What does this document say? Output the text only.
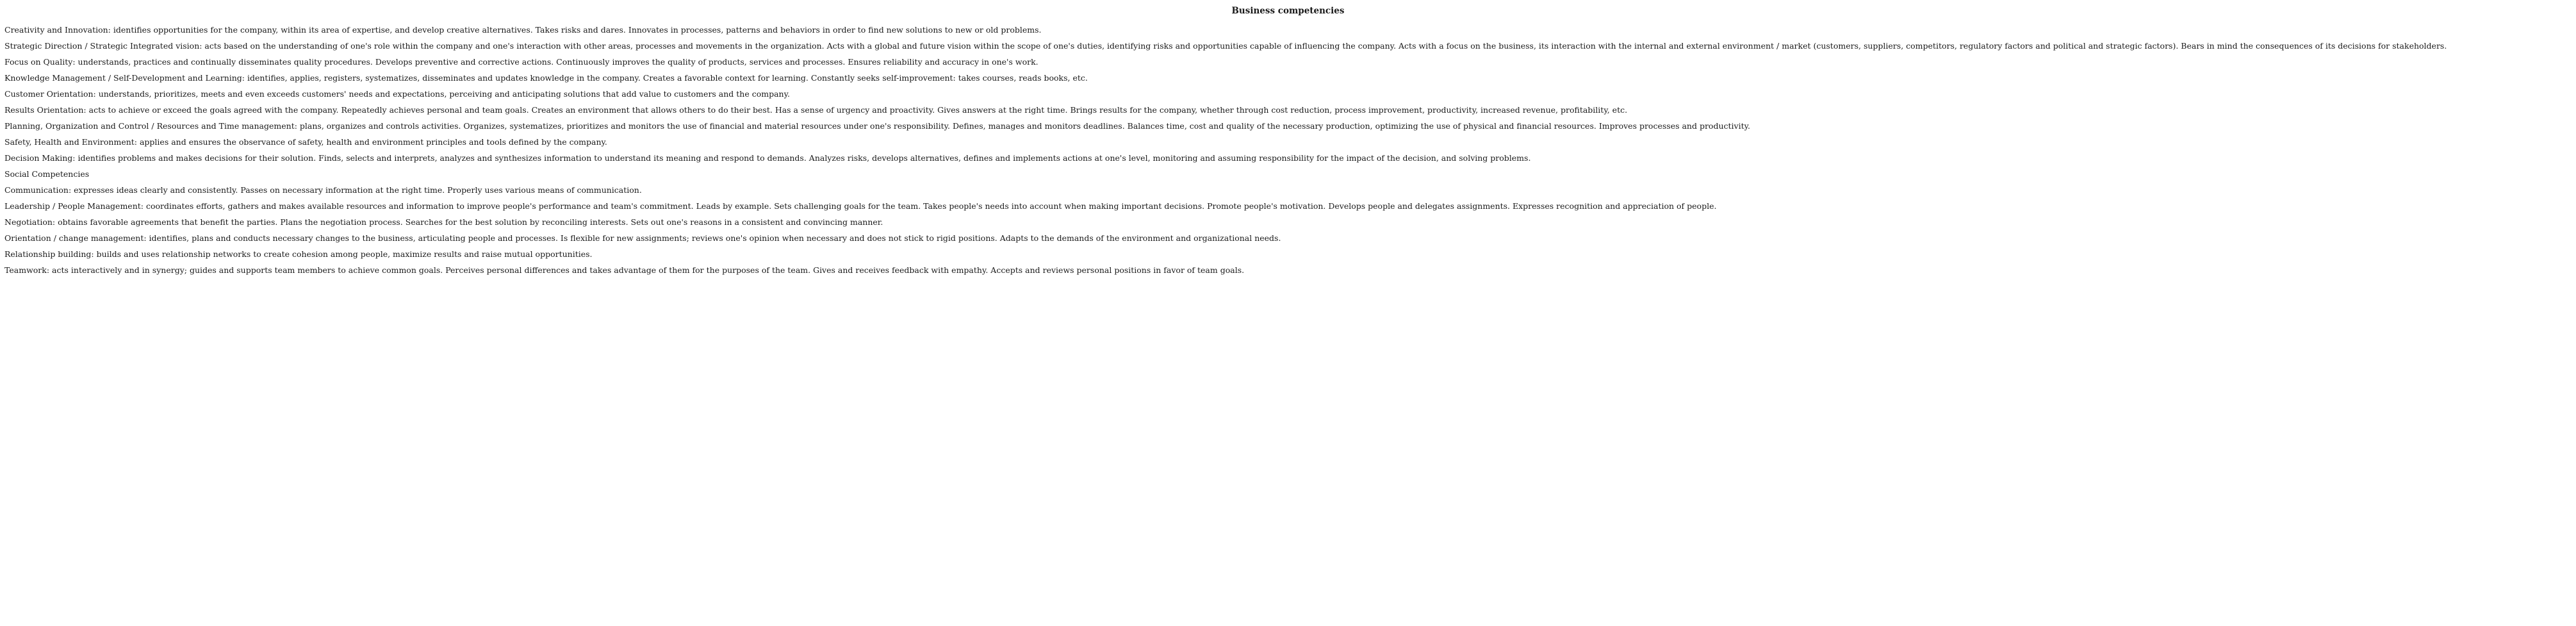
Business competencies
Creativity and Innovation: identifies opportunities for the company, within its area of expertise, and develop creative alternatives. Takes risks and dares. Innovates in processes, patterns and behaviors in order to find new solutions to new or old problems.
Strategic Direction / Strategic Integrated vision: acts based on the understanding of one's role within the company and one's interaction with other areas, processes and movements in the organization. Acts with a global and future vision within the scope of one's duties, identifying risks and opportunities capable of influencing the company. Acts with a focus on the business, its interaction with the internal and external environment / market (customers, suppliers, competitors, regulatory factors and political and strategic factors). Bears in mind the consequences of its decisions for stakeholders.
Focus on Quality: understands, practices and continually disseminates quality procedures. Develops preventive and corrective actions. Continuously improves the quality of products, services and processes. Ensures reliability and accuracy in one's work.
Knowledge Management / Self-Development and Learning: identifies, applies, registers, systematizes, disseminates and updates knowledge in the company. Creates a favorable context for learning. Constantly seeks self-improvement: takes courses, reads books, etc.
Customer Orientation: understands, prioritizes, meets and even exceeds customers' needs and expectations, perceiving and anticipating solutions that add value to customers and the company.
Results Orientation: acts to achieve or exceed the goals agreed with the company. Repeatedly achieves personal and team goals. Creates an environment that allows others to do their best. Has a sense of urgency and proactivity. Gives answers at the right time. Brings results for the company, whether through cost reduction, process improvement, productivity, increased revenue, profitability, etc.
Planning, Organization and Control / Resources and Time management: plans, organizes and controls activities. Organizes, systematizes, prioritizes and monitors the use of financial and material resources under one's responsibility. Defines, manages and monitors deadlines. Balances time, cost and quality of the necessary production, optimizing the use of physical and financial resources. Improves processes and productivity.
Safety, Health and Environment: applies and ensures the observance of safety, health and environment principles and tools defined by the company.
Decision Making: identifies problems and makes decisions for their solution. Finds, selects and interprets, analyzes and synthesizes information to understand its meaning and respond to demands. Analyzes risks, develops alternatives, defines and implements actions at one's level, monitoring and assuming responsibility for the impact of the decision, and solving problems.
Social Competencies
Communication: expresses ideas clearly and consistently. Passes on necessary information at the right time. Properly uses various means of communication.
Leadership / People Management: coordinates efforts, gathers and makes available resources and information to improve people's performance and team's commitment. Leads by example. Sets challenging goals for the team. Takes people's needs into account when making important decisions. Promote people's motivation. Develops people and delegates assignments. Expresses recognition and appreciation of people.
Negotiation: obtains favorable agreements that benefit the parties. Plans the negotiation process. Searches for the best solution by reconciling interests. Sets out one's reasons in a consistent and convincing manner.
Orientation / change management: identifies, plans and conducts necessary changes to the business, articulating people and processes. Is flexible for new assignments; reviews one's opinion when necessary and does not stick to rigid positions. Adapts to the demands of the environment and organizational needs.
Relationship building: builds and uses relationship networks to create cohesion among people, maximize results and raise mutual opportunities.
Teamwork: acts interactively and in synergy; guides and supports team members to achieve common goals. Perceives personal differences and takes advantage of them for the purposes of the team. Gives and receives feedback with empathy. Accepts and reviews personal positions in favor of team goals.
